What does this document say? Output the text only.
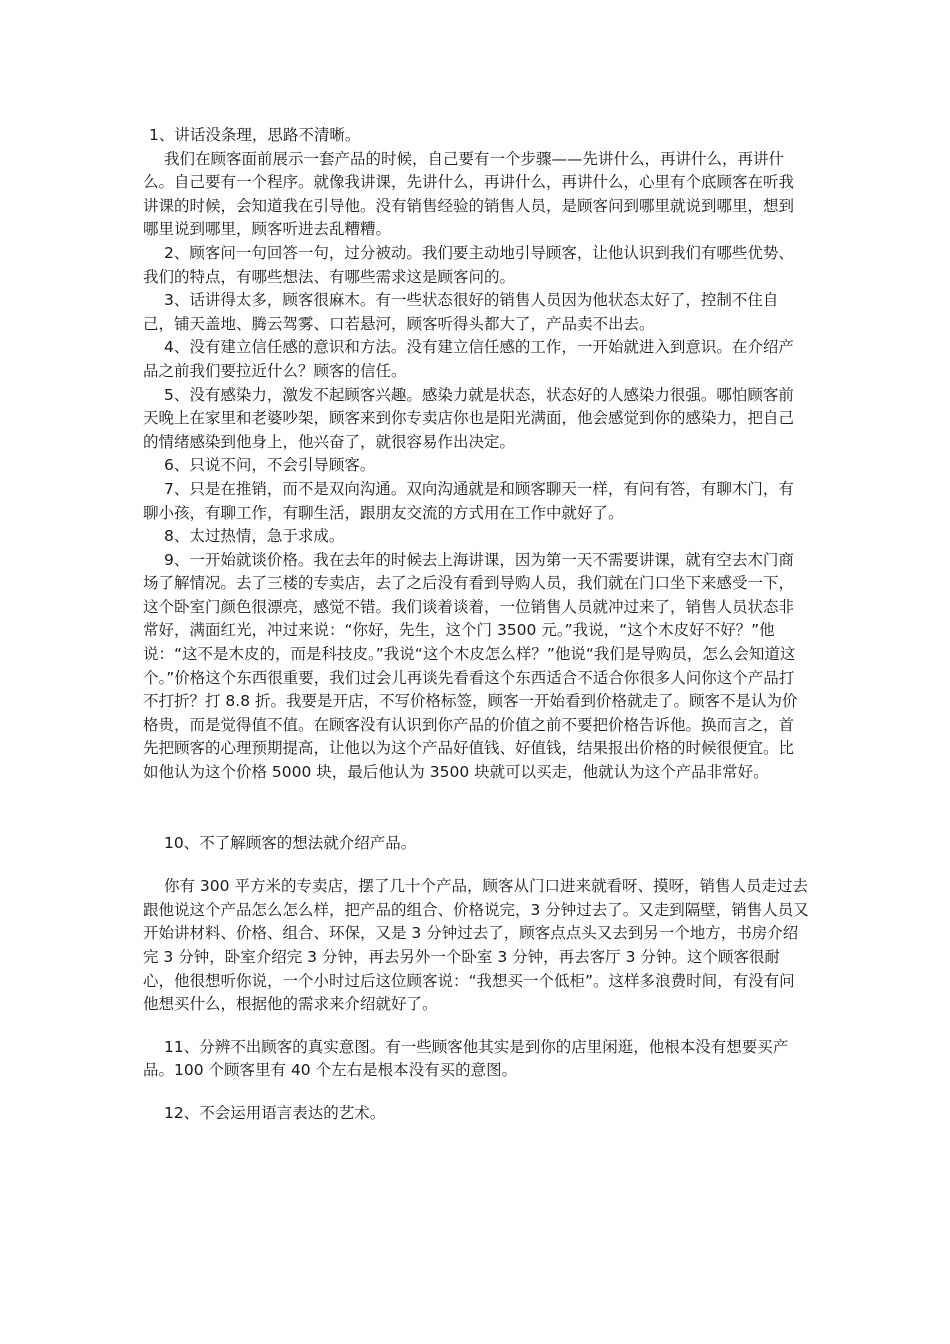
1、讲话没条理，思路不清晰。

我们在顾客面前展示一套产品的时候，自己要有一个步骤——先讲什么，再讲什么，再讲什么。自己要有一个程序。就像我讲课，先讲什么，再讲什么，再讲什么，心里有个底顾客在听我讲课的时候，会知道我在引导他。没有销售经验的销售人员，是顾客问到哪里就说到哪里，想到哪里说到哪里，顾客听进去乱糟糟。

2、顾客问一句回答一句，过分被动。我们要主动地引导顾客，让他认识到我们有哪些优势、我们的特点，有哪些想法、有哪些需求这是顾客问的。

3、话讲得太多，顾客很麻木。有一些状态很好的销售人员因为他状态太好了，控制不住自己，铺天盖地、腾云驾雾、口若悬河，顾客听得头都大了，产品卖不出去。

4、没有建立信任感的意识和方法。没有建立信任感的工作，一开始就进入到意识。在介绍产品之前我们要拉近什么？顾客的信任。

5、没有感染力，激发不起顾客兴趣。感染力就是状态，状态好的人感染力很强。哪怕顾客前天晚上在家里和老婆吵架，顾客来到你专卖店你也是阳光满面，他会感觉到你的感染力，把自己的情绪感染到他身上，他兴奋了，就很容易作出决定。

6、只说不问，不会引导顾客。

7、只是在推销，而不是双向沟通。双向沟通就是和顾客聊天一样，有问有答，有聊木门，有聊小孩，有聊工作，有聊生活，跟朋友交流的方式用在工作中就好了。

8、太过热情，急于求成。

9、一开始就谈价格。我在去年的时候去上海讲课，因为第一天不需要讲课，就有空去木门商场了解情况。去了三楼的专卖店，去了之后没有看到导购人员，我们就在门口坐下来感受一下，这个卧室门颜色很漂亮，感觉不错。我们谈着谈着，一位销售人员就冲过来了，销售人员状态非常好，满面红光，冲过来说：“你好，先生，这个门 3500 元。”我说，“这个木皮好不好？”他说：“这不是木皮的，而是科技皮。”我说“这个木皮怎么样？”他说“我们是导购员，怎么会知道这个。”价格这个东西很重要，我们过会儿再谈先看看这个东西适合不适合你很多人问你这个产品打不打折？打 8.8 折。我要是开店，不写价格标签，顾客一开始看到价格就走了。顾客不是认为价格贵，而是觉得值不值。在顾客没有认识到你产品的价值之前不要把价格告诉他。换而言之，首先把顾客的心理预期提高，让他以为这个产品好值钱、好值钱，结果报出价格的时候很便宜。比如他认为这个价格 5000 块，最后他认为 3500 块就可以买走，他就认为这个产品非常好。

10、不了解顾客的想法就介绍产品。

你有 300 平方米的专卖店，摆了几十个产品，顾客从门口进来就看呀、摸呀，销售人员走过去跟他说这个产品怎么怎么样，把产品的组合、价格说完，3 分钟过去了。又走到隔壁，销售人员又开始讲材料、价格、组合、环保，又是 3 分钟过去了，顾客点点头又去到另一个地方，书房介绍完 3 分钟，卧室介绍完 3 分钟，再去另外一个卧室 3 分钟，再去客厅 3 分钟。这个顾客很耐心，他很想听你说，一个小时过后这位顾客说：“我想买一个低柜”。这样多浪费时间，有没有问他想买什么，根据他的需求来介绍就好了。

11、分辨不出顾客的真实意图。有一些顾客他其实是到你的店里闲逛，他根本没有想要买产品。100 个顾客里有 40 个左右是根本没有买的意图。

12、不会运用语言表达的艺术。
